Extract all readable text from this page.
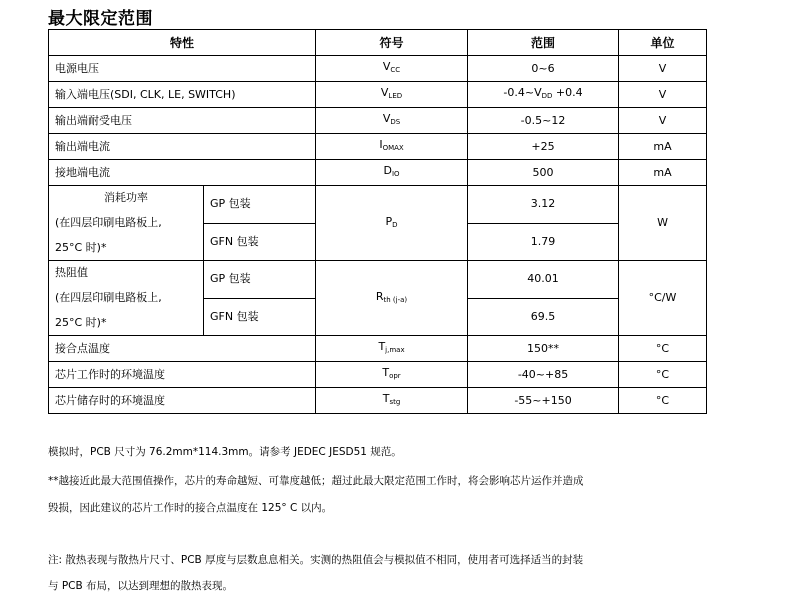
最大限定范围
特性		符号	范围	单位
电源电压		$V_{CC}$	0~6	V
输入端电压(SDI, CLK, LE, SWITCH)		$V_{LED}$	$-0.4\sim V_{DD} +0.4$	V
输出端耐受电压		$V_{DS}$	-0.5~12	V
输出端电流		$I_{OMAX}$	+25	mA
接地端电流		$D_{IO}$	500	mA

消耗功率
(在四层印刷电路板上,
25°C 时)*	GP 包装	$P_D$	3.12	W
	GFN 包装		1.79	

热阻值
(在四层印刷电路板上,
25°C 时)*	GP 包装	$R_{th (j-a)}$	40.01	°C/W
	GFN 包装		69.5	
接合点温度		$T_{j,max}$	150**	°C
芯片工作时的环境温度		$T_{opr}$	-40~+85	°C
芯片储存时的环境温度		$T_{stg}$	-55~+150	°C

模拟时，PCB 尺寸为 76.2mm*114.3mm。请参考 JEDEC JESD51 规范。

**越接近此最大范围值操作，芯片的寿命越短、可靠度越低；超过此最大限定范围工作时，将会影响芯片运作并造成

毁损，因此建议的芯片工作时的接合点温度在 125° C 以内。

注: 散热表现与散热片尺寸、PCB 厚度与层数息息相关。实测的热阻值会与模拟值不相同，使用者可选择适当的封装

与 PCB 布局，以达到理想的散热表现。
